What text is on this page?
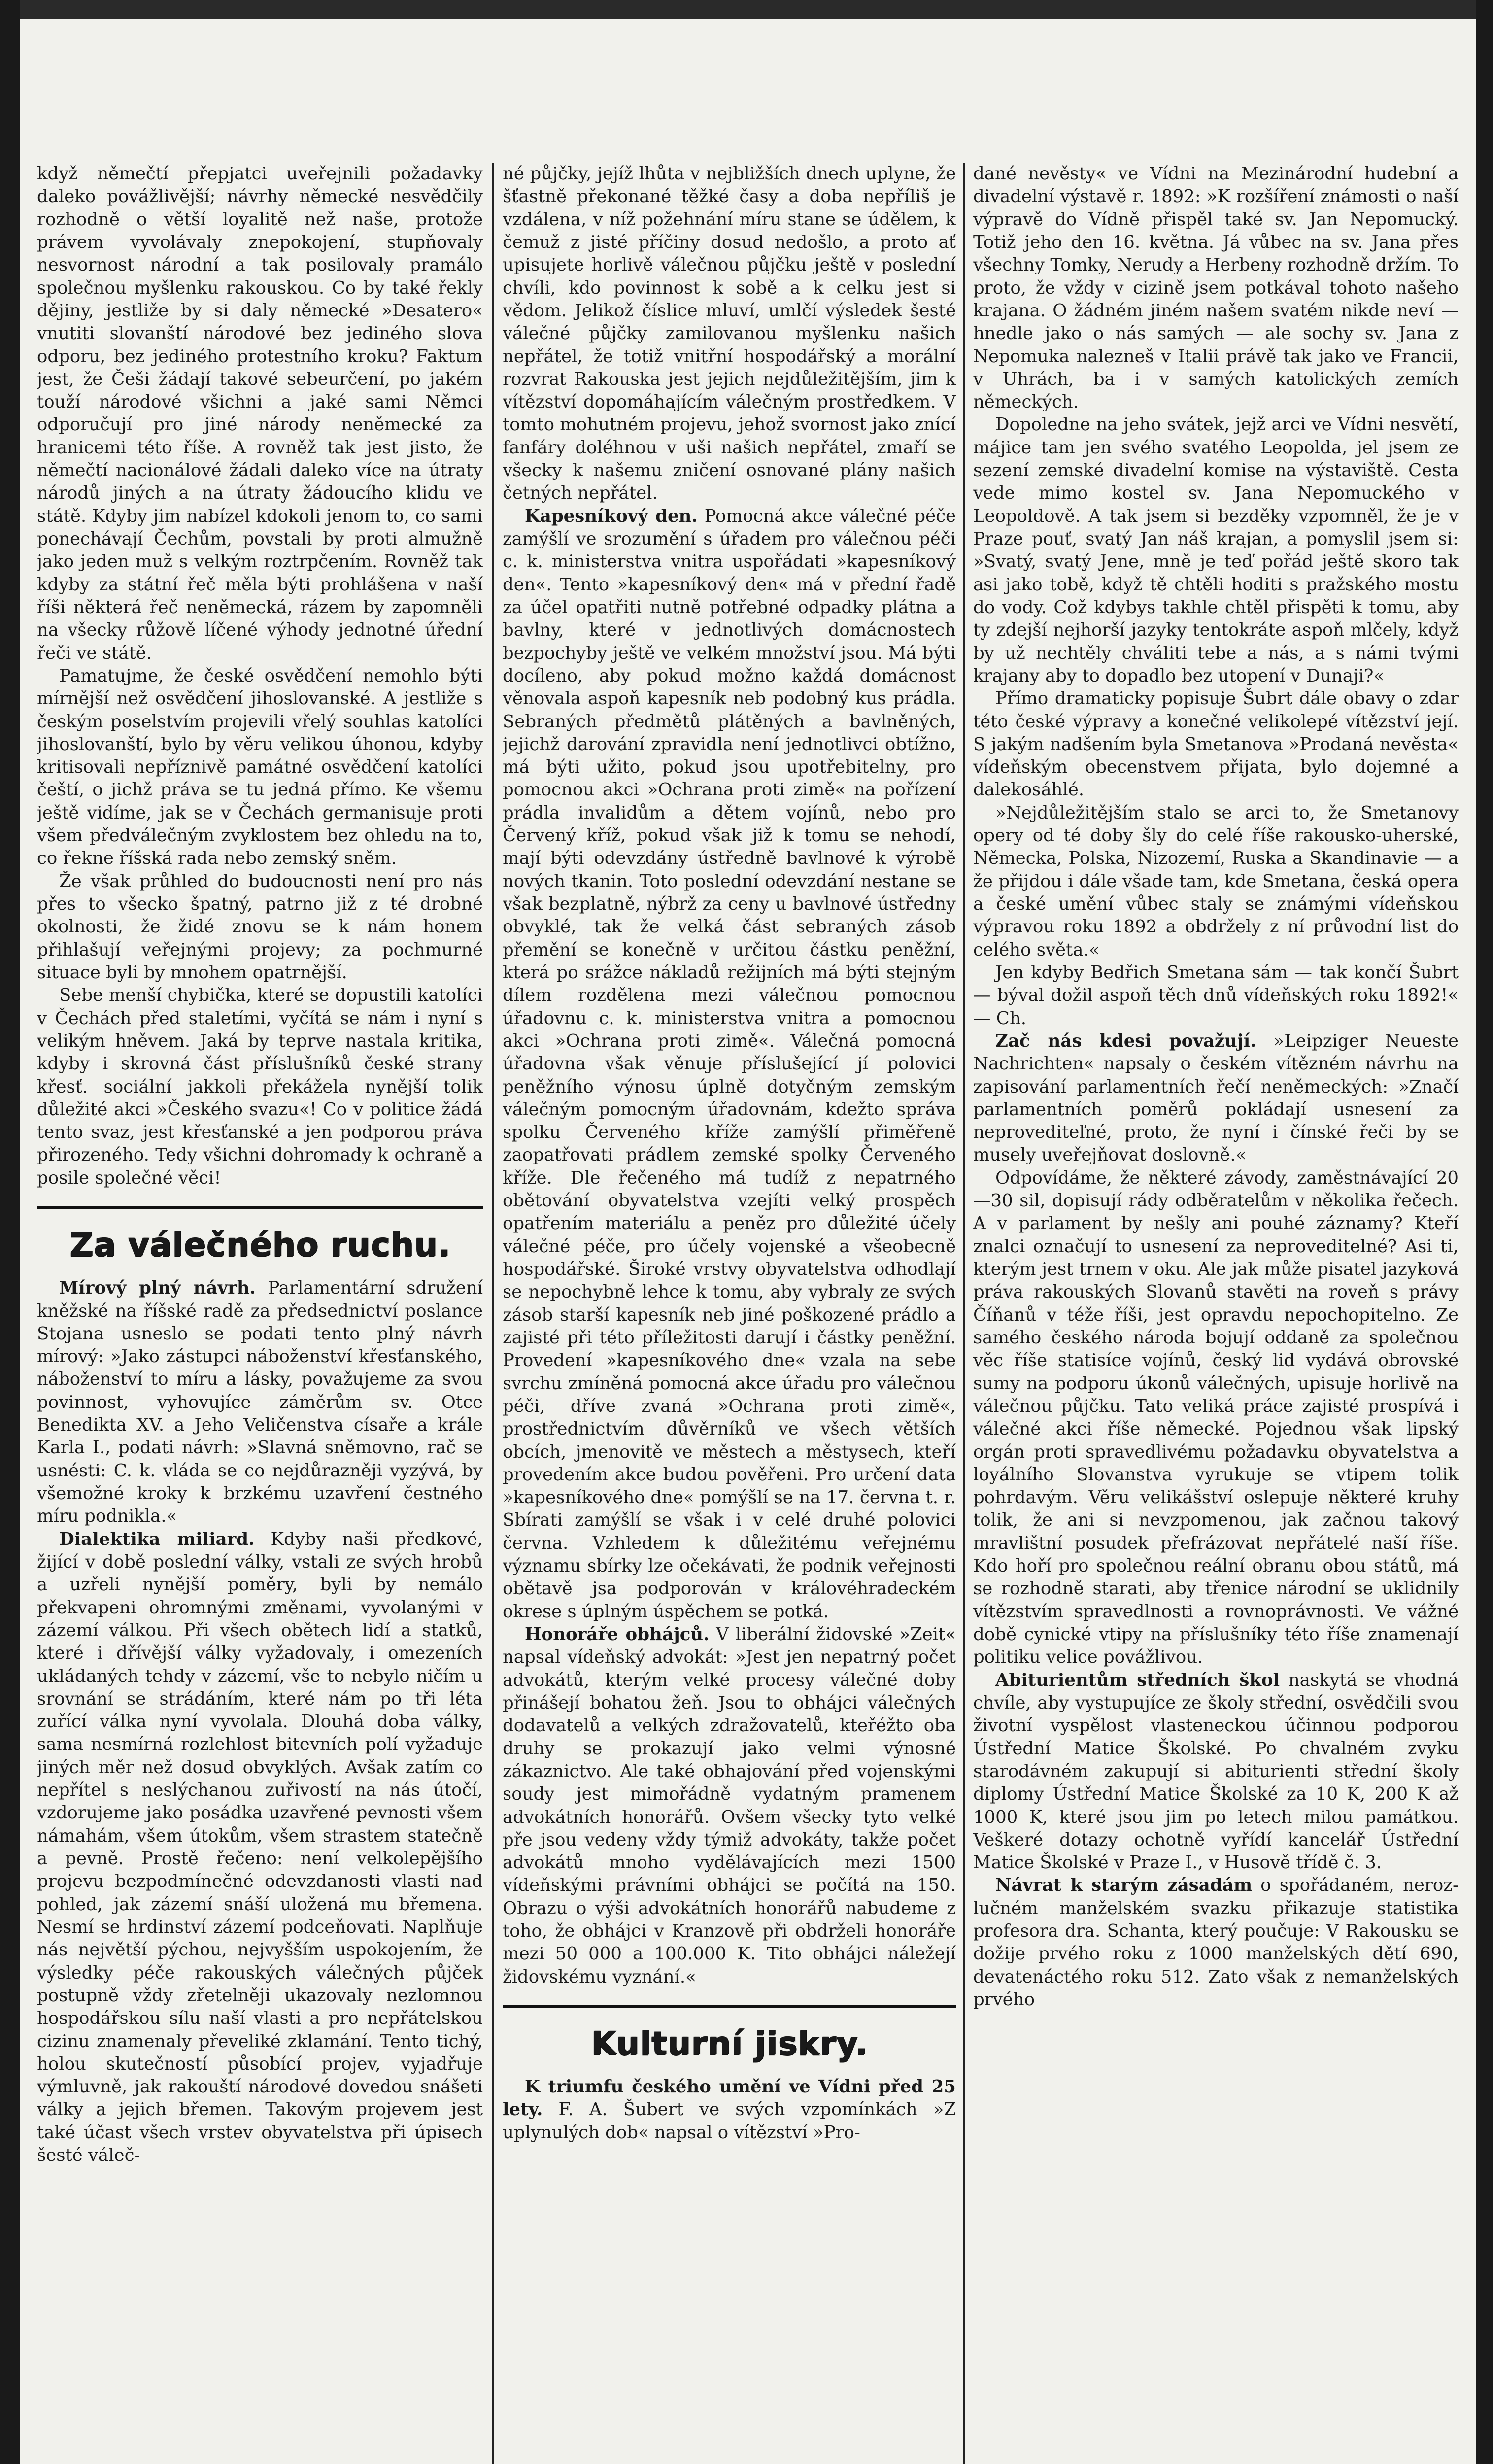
když němečtí přepjatci uveřejnili požadavky daleko povážlivější; návrhy německé nesvědčily rozhodně o větší loyalitě než naše, protože právem vyvolávaly znepokojení, stupňovaly nesvornost národní a tak posilovaly pramálo společnou myšlenku rakouskou. Co by také řekly dějiny, jestliže by si daly německé »Desatero« vnutiti slovanští národové bez jediného slova odporu, bez jediného protestního kroku? Faktum jest, že Češi žádají takové sebeurčení, po jakém touží národové všichni a jaké sami Němci odporučují pro jiné národy neněmecké za hranicemi této říše. A rovněž tak jest jisto, že němečtí nacionálové žádali daleko více na útraty národů jiných a na útraty žádoucího klidu ve státě. Kdyby jim nabízel kdokoli jenom to, co sami ponechávají Čechům, povstali by proti almužně jako jeden muž s velkým roztrpčením. Rovněž tak kdyby za státní řeč měla býti prohlášena v naší říši některá řeč neněmecká, rázem by zapomněli na všecky růžově líčené výhody jednotné úřední řeči ve státě.

Pamatujme, že české osvědčení nemohlo býti mírnější než osvědčení jihoslovanské. A jestliže s českým poselstvím projevili vřelý souhlas katolíci jihoslovanští, bylo by věru velikou úhonou, kdyby kritisovali nepříznivě památné osvědčení katolíci čeští, o jichž práva se tu jedná přímo. Ke všemu ještě vidíme, jak se v Čechách germanisuje proti všem předválečným zvyklostem bez ohledu na to, co řekne říšská rada nebo zemský sněm.

Že však průhled do budoucnosti není pro nás přes to všecko špatný, patrno již z té drobné okolnosti, že židé znovu se k nám honem přihlašují veřejnými projevy; za pochmurné situace byli by mnohem opatrnější.

Sebe menší chybička, které se dopustili katolíci v Čechách před staletími, vyčítá se nám i nyní s velikým hněvem. Jaká by teprve nastala kritika, kdyby i skrovná část příslušníků české strany křesť. sociální jakkoli překážela nynější tolik důležité akci »Českého svazu«! Co v politice žádá tento svaz, jest křesťanské a jen podporou práva přirozeného. Tedy všichni dohromady k ochraně a posile společné věci!

Za válečného ruchu.

Mírový plný návrh. Parlamentární sdružení kněžské na říšské radě za předsednictví poslance Stojana usneslo se podati tento plný návrh mírový: »Jako zástupci náboženství křesťanského, náboženství to míru a lásky, považujeme za svou povinnost, vyhovujíce záměrům sv. Otce Benedikta XV. a Jeho Veličenstva císaře a krále Karla I., podati návrh: »Slavná sněmovno, rač se usnésti: C. k. vláda se co nejdůrazněji vyzývá, by všemožné kroky k brzkému uzavření čestného míru podnikla.«

Dialektika miliard. Kdyby naši předkové, žijící v době poslední války, vstali ze svých hrobů a uzřeli nynější poměry, byli by nemálo překvapeni ohromnými změnami, vyvolanými v zázemí válkou. Při všech obětech lidí a statků, které i dřívější války vyžadovaly, i omezeních ukládaných tehdy v zázemí, vše to nebylo ničím u srovnání se strádáním, které nám po tři léta zuřící válka nyní vyvolala. Dlouhá doba války, sama nesmírná rozlehlost bitevních polí vyžaduje jiných měr než dosud obvyklých. Avšak zatím co nepřítel s neslýchanou zuřivostí na nás útočí, vzdorujeme jako posádka uzavřené pevnosti všem námahám, všem útokům, všem strastem statečně a pevně. Prostě řečeno: není velkolepějšího projevu bezpodmínečné odevzdanosti vlasti nad pohled, jak zázemí snáší uložená mu břemena. Nesmí se hrdinství zázemí podceňovati. Naplňuje nás největší pýchou, nejvyšším uspokojením, že výsledky péče rakouských válečných půjček postupně vždy zřetelněji ukazovaly nezlomnou hospodářskou sílu naší vlasti a pro nepřátelskou cizinu znamenaly převeliké zklamání. Tento tichý, holou skutečností působící projev, vyjadřuje výmluvně, jak rakouští národové dovedou snášeti války a jejich břemen. Takovým projevem jest také účast všech vrstev obyvatelstva při úpisech šesté váleč-

né půjčky, jejíž lhůta v nejbližších dnech uplyne, že šťastně překonané těžké časy a doba nepříliš je vzdálena, v níž požehnání míru stane se údělem, k čemuž z jisté příčiny dosud nedošlo, a proto ať upisujete horlivě válečnou půjčku ještě v poslední chvíli, kdo povinnost k sobě a k celku jest si vědom. Jelikož číslice mluví, umlčí výsledek šesté válečné půjčky zamilovanou myšlenku našich nepřátel, že totiž vnitřní hospodářský a morální rozvrat Rakouska jest jejich nejdůležitějším, jim k vítězství dopomáhajícím válečným prostředkem. V tomto mohutném projevu, jehož svornost jako znící fanfáry doléhnou v uši našich nepřátel, zmaří se všecky k našemu zničení osnované plány našich četných nepřátel.

Kapesníkový den. Pomocná akce válečné péče zamýšlí ve srozumění s úřadem pro válečnou péči c. k. ministerstva vnitra uspořádati »kapesníkový den«. Tento »kapesníkový den« má v přední řadě za účel opatřiti nutně potřebné odpadky plátna a bavlny, které v jednotlivých domácnostech bezpochyby ještě ve velkém množství jsou. Má býti docíleno, aby pokud možno každá domácnost věnovala aspoň kapesník neb podobný kus prádla. Sebraných předmětů plátěných a bavlněných, jejichž darování zpravidla není jednotlivci obtížno, má býti užito, pokud jsou upotřebitelny, pro pomocnou akci »Ochrana proti zimě« na pořízení prádla invalidům a dětem vojínů, nebo pro Červený kříž, pokud však již k tomu se nehodí, mají býti odevzdány ústředně bavlnové k výrobě nových tkanin. Toto poslední odevzdání nestane se však bezplatně, nýbrž za ceny u bavlnové ústředny obvyklé, tak že velká část sebraných zásob přemění se konečně v určitou částku peněžní, která po srážce nákladů režijních má býti stejným dílem rozdělena mezi válečnou pomocnou úřadovnu c. k. ministerstva vnitra a pomocnou akci »Ochrana proti zimě«. Válečná pomocná úřadovna však věnuje příslušející jí polovici peněžního výnosu úplně dotyčným zemským válečným pomocným úřadovnám, kdežto správa spolku Červeného kříže zamýšlí přiměřeně zaopatřovati prádlem zemské spolky Červeného kříže. Dle řečeného má tudíž z nepatrného obětování obyvatelstva vzejíti velký prospěch opatřením materiálu a peněz pro důležité účely válečné péče, pro účely vojenské a všeobecně hospodářské. Široké vrstvy obyvatelstva odhodlají se nepochybně lehce k tomu, aby vybraly ze svých zásob starší kapesník neb jiné poškozené prádlo a zajisté při této příležitosti darují i částky peněžní. Provedení »kapesníkového dne« vzala na sebe svrchu zmíněná pomocná akce úřadu pro válečnou péči, dříve zvaná »Ochrana proti zimě«, prostřednictvím důvěrníků ve všech větších obcích, jmenovitě ve městech a městysech, kteří provedením akce budou pověřeni. Pro určení data »kapesníkového dne« pomýšlí se na 17. června t. r. Sbírati zamýšlí se však i v celé druhé polovici června. Vzhledem k důležitému veřejnému významu sbírky lze očekávati, že podnik veřejnosti obětavě jsa podporován v královéhradeckém okrese s úplným úspěchem se potká.

Honoráře obhájců. V liberální židovské »Zeit« napsal vídeňský advokát: »Jest jen nepatrný počet advokátů, kterým velké procesy válečné doby přinášejí bohatou žeň. Jsou to obhájci válečných dodavatelů a velkých zdražovatelů, kteřéžto oba druhy se prokazují jako velmi výnosné zákaznictvo. Ale také obhajování před vojenskými soudy jest mimořádně vydatným pramenem advokátních honorářů. Ovšem všecky tyto velké pře jsou vedeny vždy týmiž advokáty, takže počet advokátů mnoho vydělávajících mezi 1500 vídeňskými právními obhájci se počítá na 150. Obrazu o výši advokátních honorářů nabudeme z toho, že obhájci v Kranzově při obdrželi honoráře mezi 50 000 a 100.000 K. Tito obhájci náležejí židovskému vyznání.«

Kulturní jiskry.

K triumfu českého umění ve Vídni před 25 lety. F. A. Šubert ve svých vzpomínkách »Z uplynulých dob« napsal o vítězství »Pro-

dané nevěsty« ve Vídni na Mezinárodní hudební a divadelní výstavě r. 1892: »K rozšíření známosti o naší výpravě do Vídně přispěl také sv. Jan Nepomucký. Totiž jeho den 16. května. Já vůbec na sv. Jana přes všechny Tomky, Nerudy a Herbeny rozhodně držím. To proto, že vždy v cizině jsem potkával tohoto našeho krajana. O žádném jiném našem svatém nikde neví — hnedle jako o nás samých — ale sochy sv. Jana z Nepomuka nalezneš v Italii právě tak jako ve Francii, v Uhrách, ba i v samých katolických zemích německých.

Dopoledne na jeho svátek, jejž arci ve Vídni nesvětí, májice tam jen svého svatého Leopolda, jel jsem ze sezení zemské divadelní komise na výstaviště. Cesta vede mimo kostel sv. Jana Nepomuckého v Leopoldově. A tak jsem si bezděky vzpomněl, že je v Praze pouť, svatý Jan náš krajan, a pomyslil jsem si: »Svatý, svatý Jene, mně je teď pořád ještě skoro tak asi jako tobě, když tě chtěli hoditi s pražského mostu do vody. Což kdybys takhle chtěl přispěti k tomu, aby ty zdejší nejhorší jazyky tentokráte aspoň mlčely, když by už nechtěly chváliti tebe a nás, a s námi tvými krajany aby to dopadlo bez utopení v Dunaji?«

Přímo dramaticky popisuje Šubrt dále obavy o zdar této české výpravy a konečné velikolepé vítězství její. S jakým nadšením byla Smetanova »Prodaná nevěsta« vídeňským obecenstvem přijata, bylo dojemné a dalekosáhlé.

»Nejdůležitějším stalo se arci to, že Smetanovy opery od té doby šly do celé říše rakousko-uherské, Německa, Polska, Nizozemí, Ruska a Skandinavie — a že přijdou i dále všade tam, kde Smetana, česká opera a české umění vůbec staly se známými vídeňskou výpravou roku 1892 a obdržely z ní průvodní list do celého světa.«

Jen kdyby Bedřich Smetana sám — tak končí Šubrt — býval dožil aspoň těch dnů vídeňských roku 1892!« — Ch.

Zač nás kdesi považují. »Leipziger Neueste Nachrichten« napsaly o českém vítězném návrhu na zapisování parlamentních řečí neněmeckých: »Značí parlamentních poměrů pokládají usnesení za neprovediteľné, proto, že nyní i čínské řeči by se musely uveřejňovat doslovně.«

Odpovídáme, že některé závody, zaměstnávající 20—30 sil, dopisují rády odběratelům v několika řečech. A v parlament by nešly ani pouhé záznamy? Kteří znalci označují to usnesení za neproveditelné? Asi ti, kterým jest trnem v oku. Ale jak může pisatel jazyková práva rakouských Slovanů stavěti na roveň s právy Číňanů v téže říši, jest opravdu nepochopitelno. Ze samého českého národa bojují oddaně za společnou věc říše statisíce vojínů, český lid vydává obrovské sumy na podporu úkonů válečných, upisuje horlivě na válečnou půjčku. Tato veliká práce zajisté prospívá i válečné akci říše německé. Pojednou však lipský orgán proti spravedlivému požadavku obyvatelstva a loyálního Slovanstva vyrukuje se vtipem tolik pohrdavým. Věru velikášství oslepuje některé kruhy tolik, že ani si nevzpomenou, jak začnou takový mravlištní posudek přefrázovat nepřátelé naší říše. Kdo hoří pro společnou reální obranu obou států, má se rozhodně starati, aby třenice národní se uklidnily vítězstvím spravedlnosti a rovnoprávnosti. Ve vážné době cynické vtipy na příslušníky této říše znamenají politiku velice povážlivou.

Abiturientům středních škol naskytá se vhodná chvíle, aby vystupujíce ze školy střední, osvědčili svou životní vyspělost vlasteneckou účinnou podporou Ústřední Matice Školské. Po chvalném zvyku starodávném zakupují si abiturienti střední školy diplomy Ústřední Matice Školské za 10 K, 200 K až 1000 K, které jsou jim po letech milou památkou. Veškeré dotazy ochotně vyřídí kancelář Ústřední Matice Školské v Praze I., v Husově třídě č. 3.

Návrat k starým zásadám o spořádaném, nerozlučném manželském svazku přikazuje statistika profesora dra. Schanta, který poučuje: V Rakousku se dožije prvého roku z 1000 manželských dětí 690, devatenáctého roku 512. Zato však z nemanželských prvého
